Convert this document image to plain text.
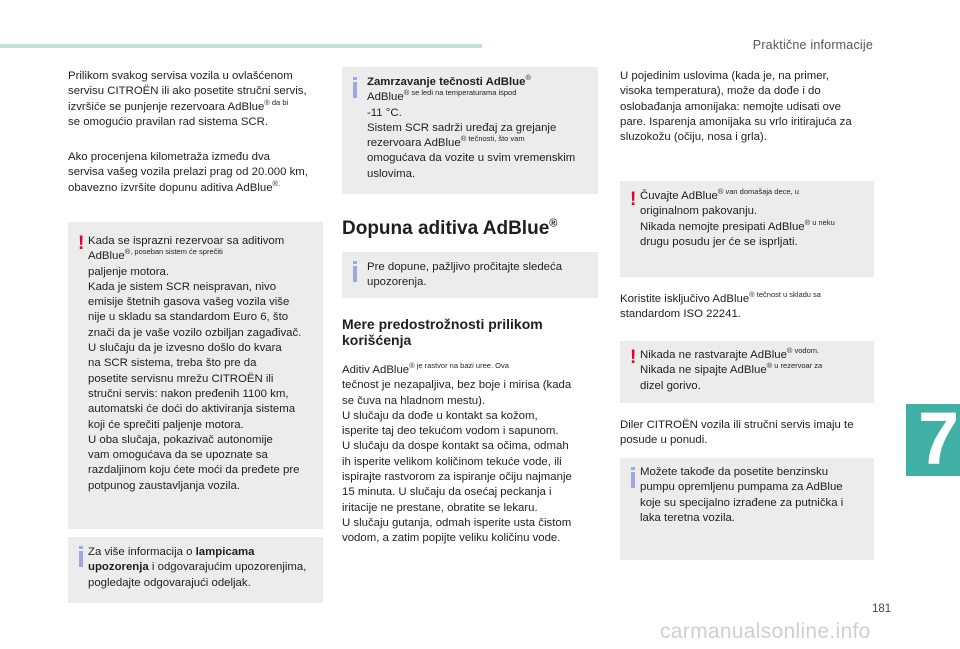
Praktične informacije
7

Prilikom svakog servisa vozila u ovlašćenom

servisu CITROËN ili ako posetite stručni servis,

izvršiće se punjenje rezervoara AdBlue$^{® da bi}$

se omogućio pravilan rad sistema SCR.

Ako procenjena kilometraža između dva

servisa vašeg vozila prelazi prag od 20.000 km,

obavezno izvršite dopunu aditiva AdBlue®.

! Kada se isprazni rezervoar sa aditivom

AdBlue$^{®, poseban sistem će sprečiti}$

paljenje motora.

Kada je sistem SCR neispravan, nivo

emisije štetnih gasova vašeg vozila više

nije u skladu sa standardom Euro 6, što

znači da je vaše vozilo ozbiljan zagađivač.

U slučaju da je izvesno došlo do kvara

na SCR sistema, treba što pre da

posetite servisnu mrežu CITROËN ili

stručni servis: nakon pređenih 1100 km,

automatski će doći do aktiviranja sistema

koji će sprečiti paljenje motora.

U oba slučaja, pokazivač autonomije

vam omogućava da se upoznate sa

razdaljinom koju ćete moći da pređete pre

potpunog zaustavljanja vozila.

Za više informacija o lampicama

upozorenja i odgovarajućim upozorenjima,

pogledajte odgovarajući odeljak.

Zamrzavanje tečnosti AdBlue®

AdBlue$^{® se ledi na temperaturama ispod}$

-11 °C.

Sistem SCR sadrži uređaj za grejanje

rezervoara AdBlue$^{® tečnosti, što vam}$

omogućava da vozite u svim vremenskim

uslovima.

Dopuna aditiva AdBlue®

Pre dopune, pažljivo pročitajte sledeća

upozorenja.

Mere predostrožnosti prilikom
korišćenja

Aditiv AdBlue$^{® je rastvor na bazi uree. Ova}$

tečnost je nezapaljiva, bez boje i mirisa (kada

se čuva na hladnom mestu).

U slučaju da dođe u kontakt sa kožom,

isperite taj deo tekućom vodom i sapunom.

U slučaju da dospe kontakt sa očima, odmah

ih isperite velikom količinom tekuće vode, ili

ispirajte rastvorom za ispiranje očiju najmanje

15 minuta. U slučaju da osećaj peckanja i

iritacije ne prestane, obratite se lekaru.

U slučaju gutanja, odmah isperite usta čistom

vodom, a zatim popijte veliku količinu vode.

U pojedinim uslovima (kada je, na primer,

visoka temperatura), može da dođe i do

oslobađanja amonijaka: nemojte udisati ove

pare. Isparenja amonijaka su vrlo iritirajuća za

sluzokožu (očiju, nosa i grla).

! Čuvajte AdBlue$^{® van domašaja dece, u}$

originalnom pakovanju.

Nikada nemojte presipati AdBlue$^{® u neku}$

drugu posudu jer će se isprljati.

Koristite isključivo AdBlue$^{® tečnost u skladu sa}$

standardom ISO 22241.

! Nikada ne rastvarajte AdBlue$^{® vodom.}$

Nikada ne sipajte AdBlue$^{® u rezervoar za}$

dizel gorivo.

Diler CITROËN vozila ili stručni servis imaju te

posude u ponudi.

Možete takođe da posetite benzinsku

pumpu opremljenu pumpama za AdBlue

koje su specijalno izrađene za putnička i

laka teretna vozila.

181
carmanualsonline.info
